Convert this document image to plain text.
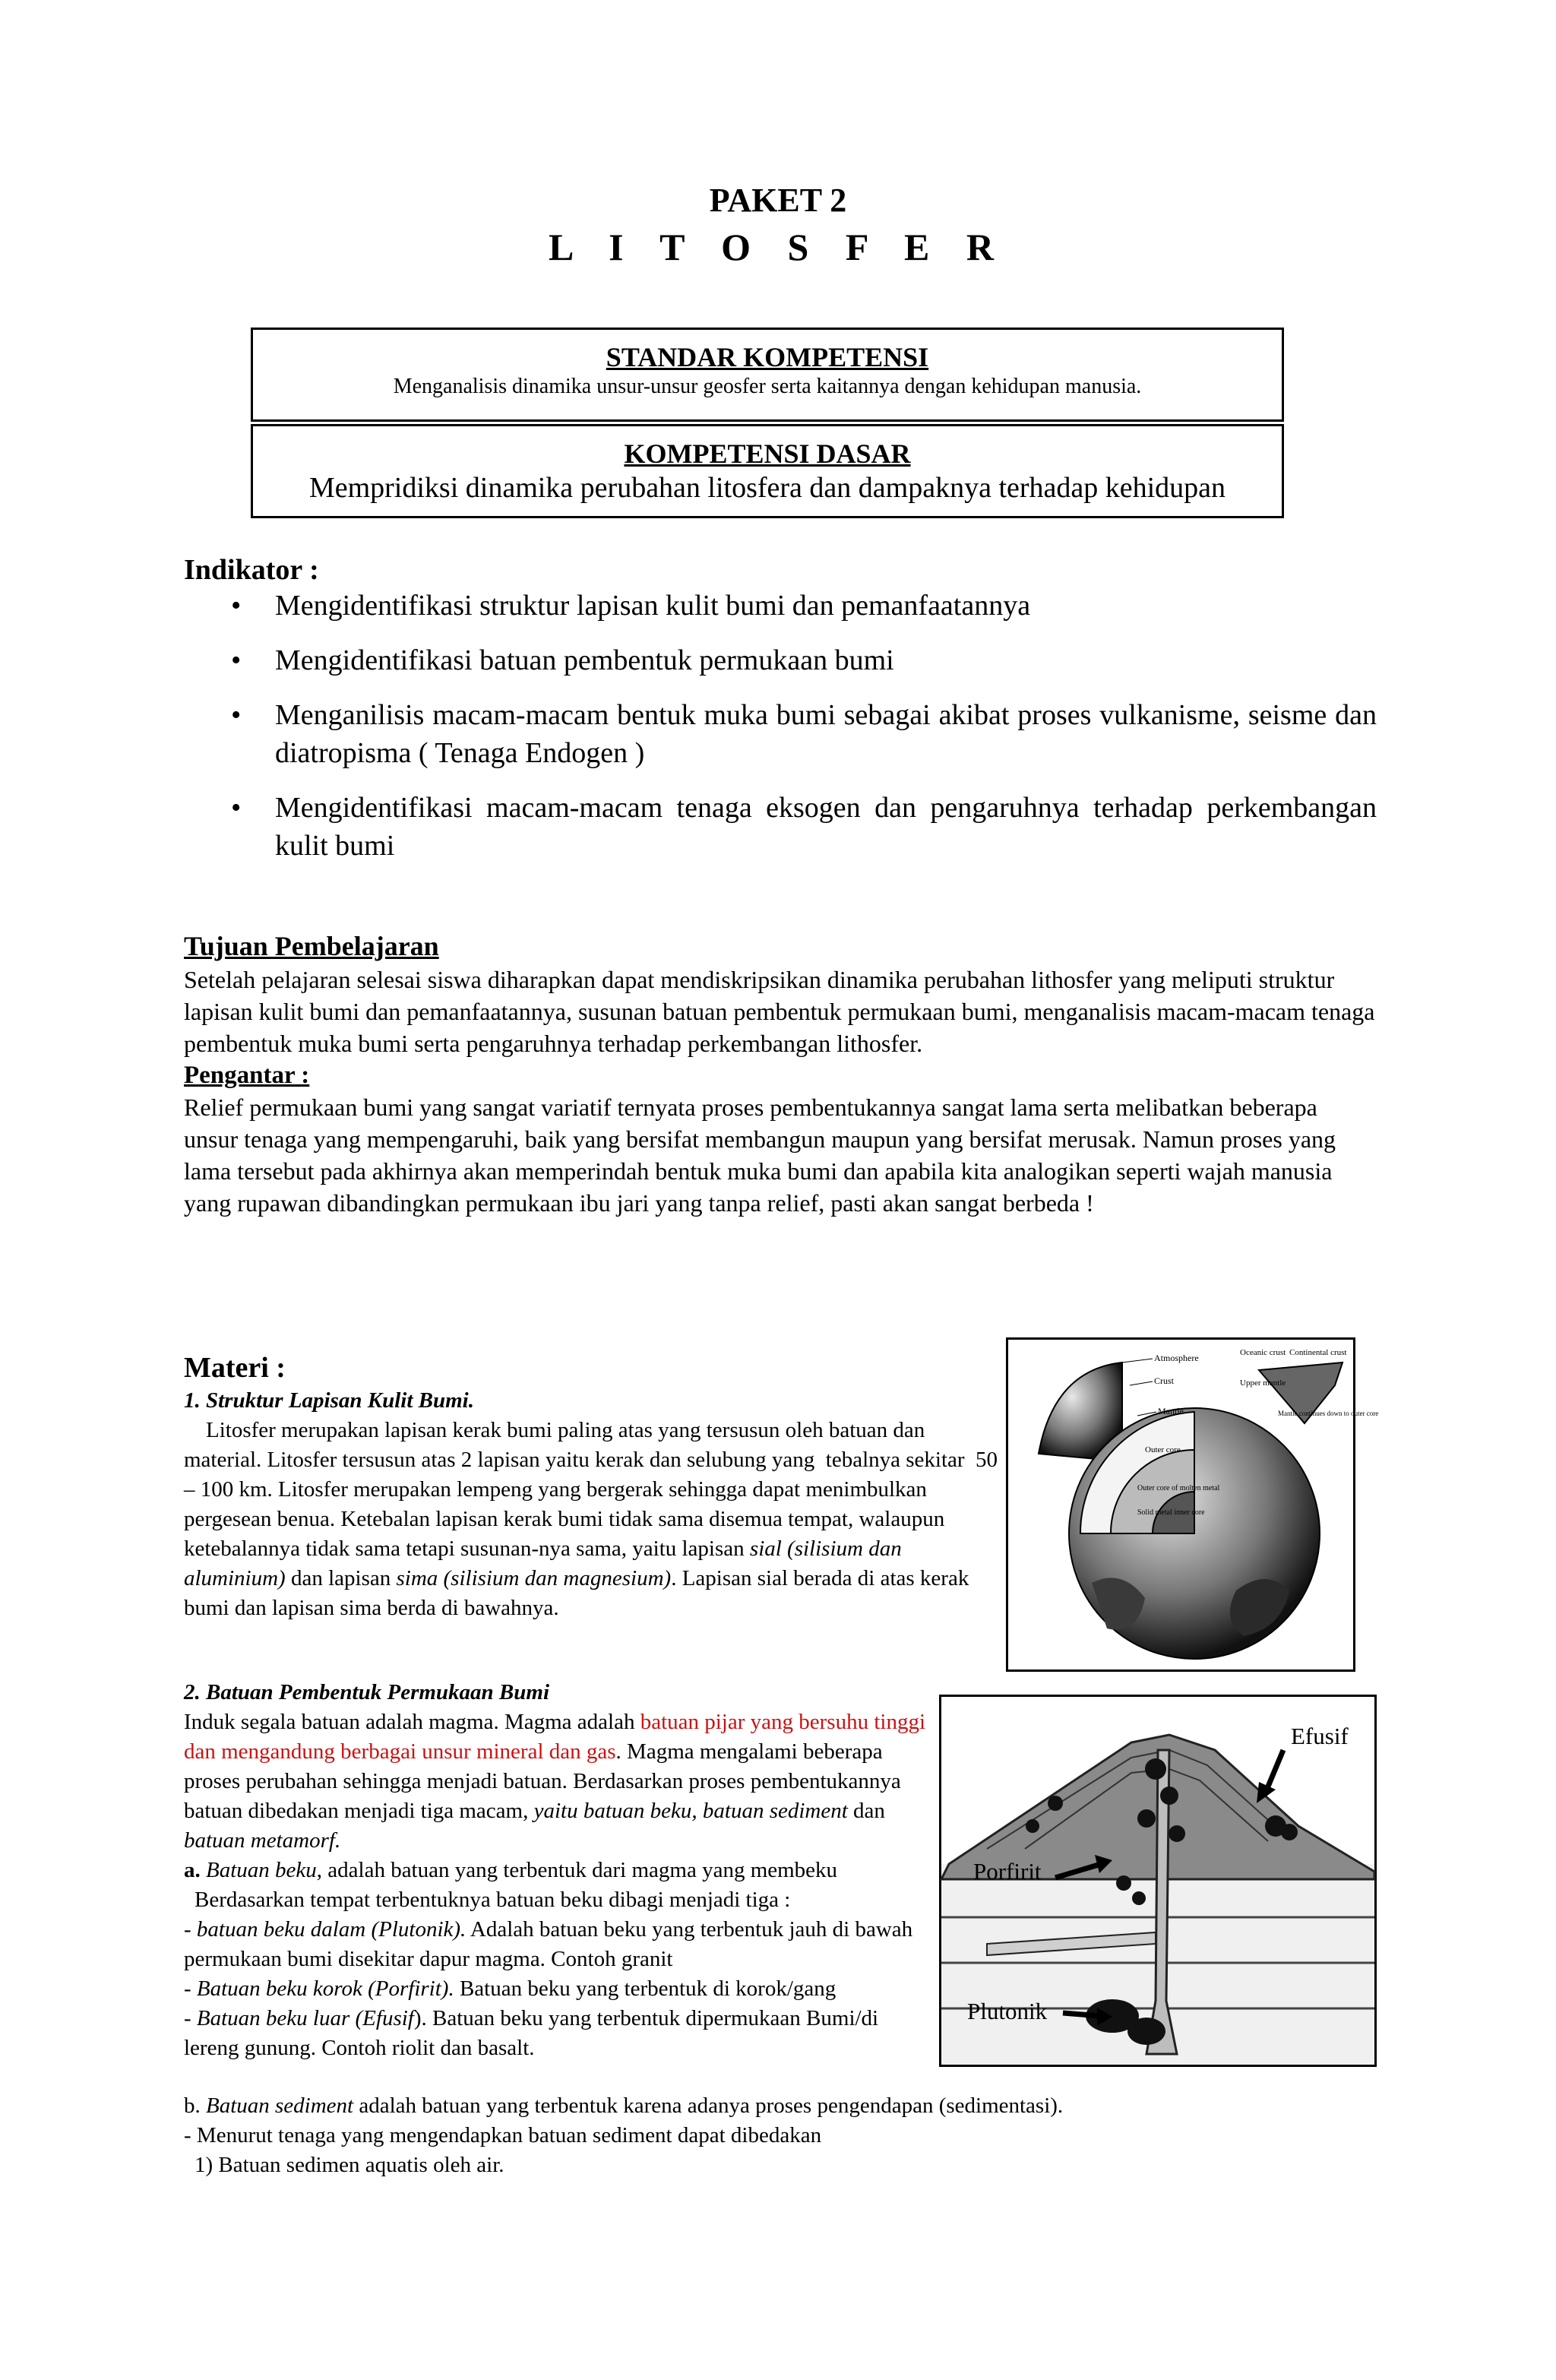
PAKET 2
L I T O S F E R
STANDAR KOMPETENSI
Menganalisis dinamika unsur-unsur geosfer serta kaitannya dengan kehidupan manusia.
KOMPETENSI DASAR
Mempridiksi dinamika perubahan litosfera dan dampaknya terhadap kehidupan
Indikator :
• Mengidentifikasi struktur lapisan kulit bumi dan pemanfaatannya
• Mengidentifikasi batuan pembentuk permukaan bumi
• Menganilisis macam-macam bentuk muka bumi sebagai akibat proses vulkanisme, seisme dan diatropisma ( Tenaga Endogen )
• Mengidentifikasi macam-macam tenaga eksogen dan pengaruhnya terhadap perkembangan kulit bumi
Tujuan Pembelajaran
Setelah pelajaran selesai siswa diharapkan dapat mendiskripsikan dinamika perubahan lithosfer yang meliputi struktur lapisan kulit bumi dan pemanfaatannya, susunan batuan pembentuk permukaan bumi, menganalisis macam-macam tenaga pembentuk muka bumi serta pengaruhnya terhadap perkembangan lithosfer.
Pengantar :
Relief permukaan bumi yang sangat variatif ternyata proses pembentukannya sangat lama serta melibatkan beberapa unsur tenaga yang mempengaruhi, baik yang bersifat membangun maupun yang bersifat merusak. Namun proses yang lama tersebut pada akhirnya akan memperindah bentuk muka bumi dan apabila kita analogikan seperti wajah manusia yang rupawan dibandingkan permukaan ibu jari yang tanpa relief, pasti akan sangat berbeda !
Materi :
1. Struktur Lapisan Kulit Bumi.
Litosfer merupakan lapisan kerak bumi paling atas yang tersusun oleh batuan dan material. Litosfer tersusun atas 2 lapisan yaitu kerak dan selubung yang  tebalnya sekitar  50 – 100 km. Litosfer merupakan lempeng yang bergerak sehingga dapat menimbulkan pergesean benua. Ketebalan lapisan kerak bumi tidak sama disemua tempat, walaupun ketebalannya tidak sama tetapi susunan-nya sama, yaitu lapisan sial (silisium dan aluminium) dan lapisan sima (silisium dan magnesium). Lapisan sial berada di atas kerak bumi dan lapisan sima berda di bawahnya.
Atmosphere
Crust
Mantle
Outer core
Outer core of molten metal
Solid metal inner core
Oceanic crust
Upper mantle
Continental crust
Mantle continues down to outer core
2. Batuan Pembentuk Permukaan Bumi
Induk segala batuan adalah magma. Magma adalah batuan pijar yang bersuhu tinggi dan mengandung berbagai unsur mineral dan gas. Magma mengalami beberapa proses perubahan sehingga menjadi batuan. Berdasarkan proses pembentukannya batuan dibedakan menjadi tiga macam, yaitu batuan beku, batuan sediment dan batuan metamorf.
a. Batuan beku, adalah batuan yang terbentuk dari magma yang membeku
Berdasarkan tempat terbentuknya batuan beku dibagi menjadi tiga :
- batuan beku dalam (Plutonik). Adalah batuan beku yang terbentuk jauh di bawah permukaan bumi disekitar dapur magma. Contoh granit
- Batuan beku korok (Porfirit). Batuan beku yang terbentuk di korok/gang
- Batuan beku luar (Efusif). Batuan beku yang terbentuk dipermukaan Bumi/di lereng gunung. Contoh riolit dan basalt.
Efusif
Porfirit
Plutonik
b. Batuan sediment adalah batuan yang terbentuk karena adanya proses pengendapan (sedimentasi).
- Menurut tenaga yang mengendapkan batuan sediment dapat dibedakan
1) Batuan sedimen aquatis oleh air.
